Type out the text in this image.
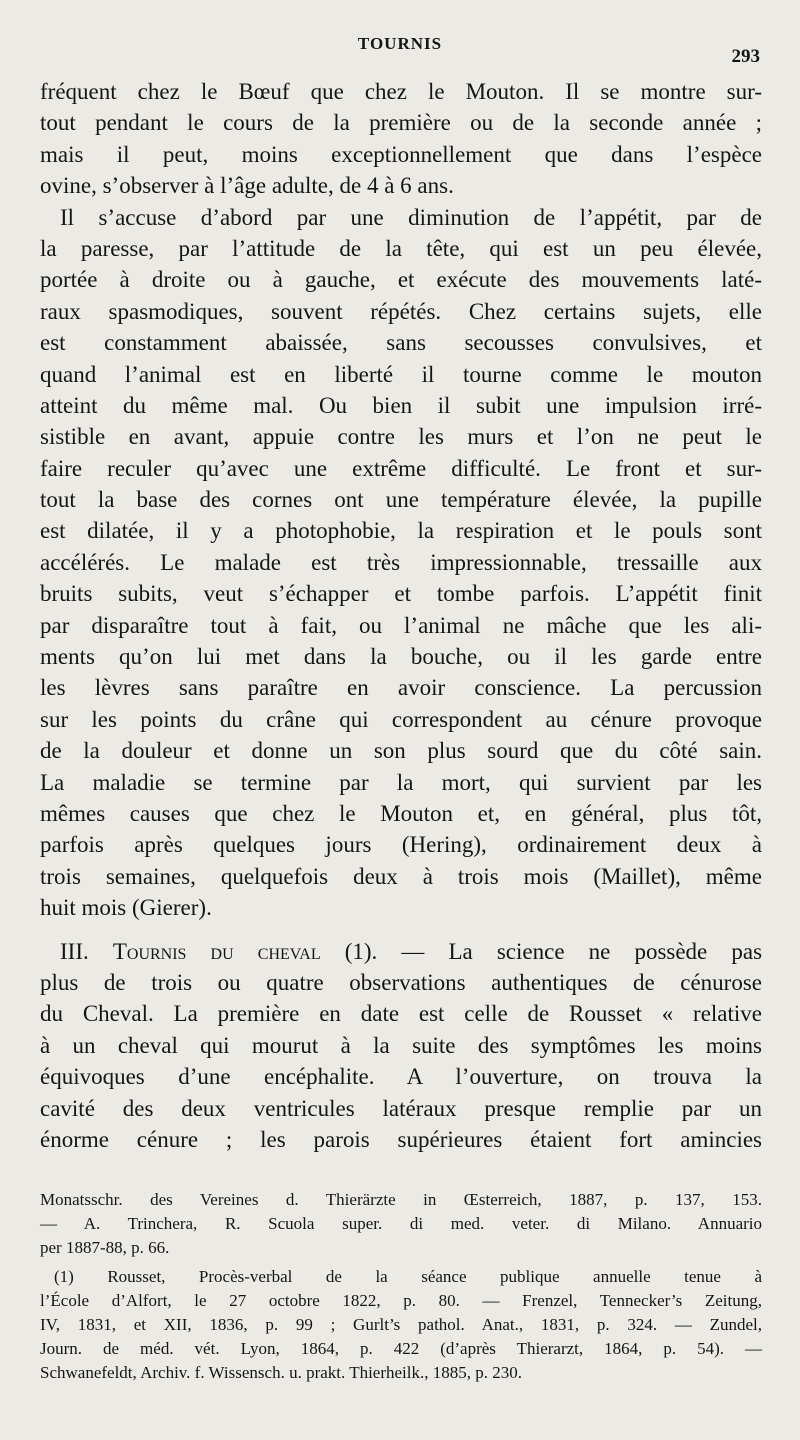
TOURNIS
293
fréquent chez le Bœuf que chez le Mouton. Il se montre sur-
tout pendant le cours de la première ou de la seconde année ;
mais il peut, moins exceptionnellement que dans l’espèce
ovine, s’observer à l’âge adulte, de 4 à 6 ans.
Il s’accuse d’abord par une diminution de l’appétit, par de
la paresse, par l’attitude de la tête, qui est un peu élevée,
portée à droite ou à gauche, et exécute des mouvements laté-
raux spasmodiques, souvent répétés. Chez certains sujets, elle
est constamment abaissée, sans secousses convulsives, et
quand l’animal est en liberté il tourne comme le mouton
atteint du même mal. Ou bien il subit une impulsion irré-
sistible en avant, appuie contre les murs et l’on ne peut le
faire reculer qu’avec une extrême difficulté. Le front et sur-
tout la base des cornes ont une température élevée, la pupille
est dilatée, il y a photophobie, la respiration et le pouls sont
accélérés. Le malade est très impressionnable, tressaille aux
bruits subits, veut s’échapper et tombe parfois. L’appétit finit
par disparaître tout à fait, ou l’animal ne mâche que les ali-
ments qu’on lui met dans la bouche, ou il les garde entre
les lèvres sans paraître en avoir conscience. La percussion
sur les points du crâne qui correspondent au cénure provoque
de la douleur et donne un son plus sourd que du côté sain.
La maladie se termine par la mort, qui survient par les
mêmes causes que chez le Mouton et, en général, plus tôt,
parfois après quelques jours (Hering), ordinairement deux à
trois semaines, quelquefois deux à trois mois (Maillet), même
huit mois (Gierer).
III. Tournis du cheval (1). — La science ne possède pas
plus de trois ou quatre observations authentiques de cénurose
du Cheval. La première en date est celle de Rousset « relative
à un cheval qui mourut à la suite des symptômes les moins
équivoques d’une encéphalite. A l’ouverture, on trouva la
cavité des deux ventricules latéraux presque remplie par un
énorme cénure ; les parois supérieures étaient fort amincies
Monatsschr. des Vereines d. Thierärzte in Œsterreich, 1887, p. 137, 153.
— A. Trinchera, R. Scuola super. di med. veter. di Milano. Annuario
per 1887-88, p. 66.
(1) Rousset, Procès-verbal de la séance publique annuelle tenue à
l’École d’Alfort, le 27 octobre 1822, p. 80. — Frenzel, Tennecker’s Zeitung,
IV, 1831, et XII, 1836, p. 99 ; Gurlt’s pathol. Anat., 1831, p. 324. — Zundel,
Journ. de méd. vét. Lyon, 1864, p. 422 (d’après Thierarzt, 1864, p. 54). —
Schwanefeldt, Archiv. f. Wissensch. u. prakt. Thierheilk., 1885, p. 230.
